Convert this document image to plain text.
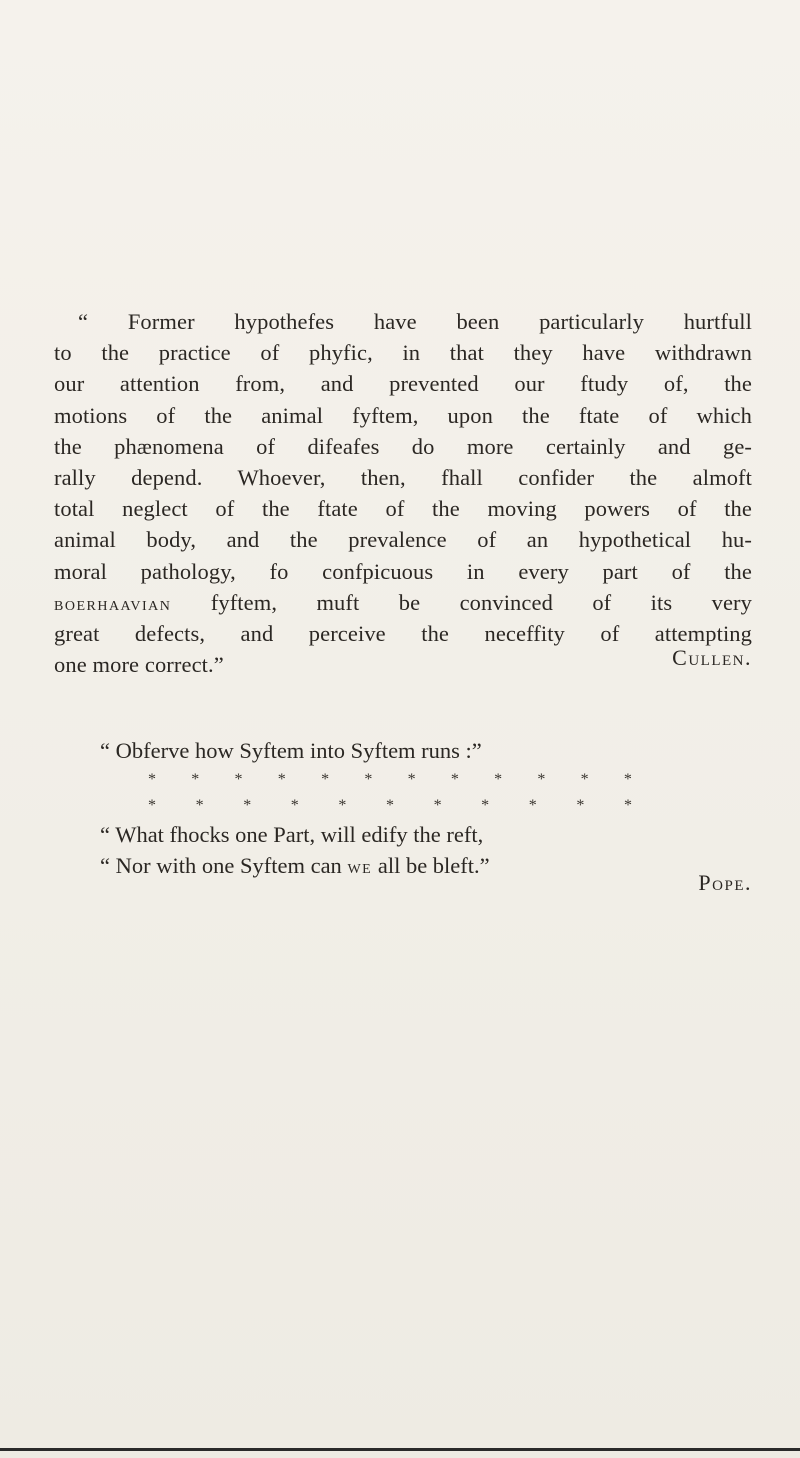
“ Former hypothefes have been particularly hurtfull
to the practice of phyfic, in that they have withdrawn
our attention from, and prevented our ftudy of, the
motions of the animal fyftem, upon the ftate of which
the phænomena of difeafes do more certainly and ge-
rally depend. Whoever, then, fhall confider the almoft
total neglect of the ftate of the moving powers of the
animal body, and the prevalence of an hypothetical hu-
moral pathology, fo confpicuous in every part of the
boerhaavian fyftem, muft be convinced of its very
great defects, and perceive the neceffity of attempting
one more correct.”	Cullen.
“ Obferve how Syftem into Syftem runs :”
* * * * * * * * * * * *
* * * * * * * * * * *
“ What fhocks one Part, will edify the reft,
“ Nor with one Syftem can we all be bleft.”
Pope.
